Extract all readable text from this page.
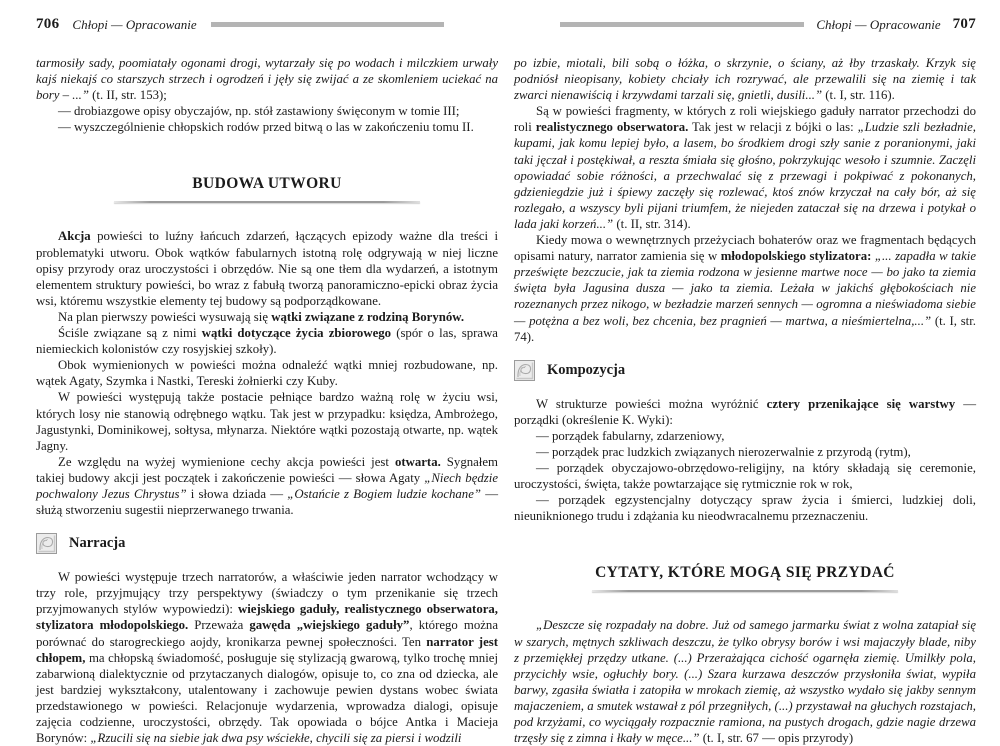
706 Chłopi — Opracowanie

tarmosiły sady, poomiatały ogonami drogi, wytarzały się po wodach i milczkiem urwały kajś niekajś co starszych strzech i ogrodzeń i jęły się zwijać a ze skomleniem uciekać na bory – ...” (t. II, str. 153);

— drobiazgowe opisy obyczajów, np. stół zastawiony święconym w tomie III;

— wyszczególnienie chłopskich rodów przed bitwą o las w zakończeniu tomu II.

BUDOWA UTWORU

Akcja powieści to luźny łańcuch zdarzeń, łączących epizody ważne dla treści i problematyki utworu. Obok wątków fabularnych istotną rolę odgrywają w niej liczne opisy przyrody oraz uroczystości i obrzędów. Nie są one tłem dla wydarzeń, a istotnym elementem struktury powieści, bo wraz z fabułą tworzą panoramiczno-epicki obraz życia wsi, któremu wszystkie elementy tej budowy są podporządkowane.

Na plan pierwszy powieści wysuwają się wątki związane z rodziną Borynów.

Ściśle związane są z nimi wątki dotyczące życia zbiorowego (spór o las, sprawa niemieckich kolonistów czy rosyjskiej szkoły).

Obok wymienionych w powieści można odnaleźć wątki mniej rozbudowane, np. wątek Agaty, Szymka i Nastki, Tereski żołnierki czy Kuby.

W powieści występują także postacie pełniące bardzo ważną rolę w życiu wsi, których losy nie stanowią odrębnego wątku. Tak jest w przypadku: księdza, Ambrożego, Jagustynki, Dominikowej, sołtysa, młynarza. Niektóre wątki pozostają otwarte, np. wątek Jagny.

Ze względu na wyżej wymienione cechy akcja powieści jest otwarta. Sygnałem takiej budowy akcji jest początek i zakończenie powieści — słowa Agaty „Niech będzie pochwalony Jezus Chrystus” i słowa dziada — „Ostańcie z Bogiem ludzie kochane” — służą stworzeniu sugestii nieprzerwanego trwania.

Narracja

W powieści występuje trzech narratorów, a właściwie jeden narrator wchodzący w trzy role, przyjmujący trzy perspektywy (świadczy o tym przenikanie się trzech przyjmowanych stylów wypowiedzi): wiejskiego gaduły, realistycznego obserwatora, stylizatora młodopolskiego. Przeważa gawęda „wiejskiego gaduły”, którego można porównać do starogreckiego aojdy, kronikarza pewnej społeczności. Ten narrator jest chłopem, ma chłopską świadomość, posługuje się stylizacją gwarową, tylko trochę mniej zabarwioną dialektycznie od przytaczanych dialogów, opisuje to, co zna od dziecka, ale jest bardziej wykształcony, utalentowany i zachowuje pewien dystans wobec świata przedstawionego w powieści. Relacjonuje wydarzenia, wprowadza dialogi, opisuje zajęcia codzienne, uroczystości, obrzędy. Tak opowiada o bójce Antka i Macieja Borynów: „Rzucili się na siebie jak dwa psy wściekłe, chycili się za piersi i wodzili

Chłopi — Opracowanie 707

po izbie, miotali, bili sobą o łóżka, o skrzynie, o ściany, aż łby trzaskały. Krzyk się podniósł nieopisany, kobiety chciały ich rozrywać, ale przewalili się na ziemię i tak zwarci nienawiścią i krzywdami tarzali się, gnietli, dusili...” (t. I, str. 116).

Są w powieści fragmenty, w których z roli wiejskiego gaduły narrator przechodzi do roli realistycznego obserwatora. Tak jest w relacji z bójki o las: „Ludzie szli bezładnie, kupami, jak komu lepiej było, a lasem, bo środkiem drogi szły sanie z poranionymi, jaki taki jęczał i postękiwał, a reszta śmiała się głośno, pokrzykując wesoło i szumnie. Zaczęli opowiadać sobie różności, a przechwalać się z przewagi i pokpiwać z pokonanych, gdzieniegdzie już i śpiewy zaczęły się rozlewać, ktoś znów krzyczał na cały bór, aż się rozlegało, a wszyscy byli pijani triumfem, że niejeden zataczał się na drzewa i potykał o lada jaki korzeń...” (t. II, str. 314).

Kiedy mowa o wewnętrznych przeżyciach bohaterów oraz we fragmentach będących opisami natury, narrator zamienia się w młodopolskiego stylizatora: „... zapadła w takie prześwięte bezczucie, jak ta ziemia rodzona w jesienne martwe noce — bo jako ta ziemia święta była Jagusina dusza — jako ta ziemia. Leżała w jakichś głębokościach nie rozeznanych przez nikogo, w bezładzie marzeń sennych — ogromna a nieświadoma siebie — potężna a bez woli, bez chcenia, bez pragnień — martwa, a nieśmiertelna,...” (t. I, str. 74).

Kompozycja

W strukturze powieści można wyróżnić cztery przenikające się warstwy — porządki (określenie K. Wyki):

— porządek fabularny, zdarzeniowy,

— porządek prac ludzkich związanych nierozerwalnie z przyrodą (rytm),

— porządek obyczajowo-obrzędowo-religijny, na który składają się ceremonie, uroczystości, święta, także powtarzające się rytmicznie rok w rok,

— porządek egzystencjalny dotyczący spraw życia i śmierci, ludzkiej doli, nieuniknionego trudu i zdążania ku nieodwracalnemu przeznaczeniu.

CYTATY, KTÓRE MOGĄ SIĘ PRZYDAĆ

„Deszcze się rozpadały na dobre. Już od samego jarmarku świat z wolna zatapiał się w szarych, mętnych szkliwach deszczu, że tylko obrysy borów i wsi majaczyły blade, niby z przemiękłej przędzy utkane. (...) Przerażająca cichość ogarnęła ziemię. Umilkły pola, przycichły wsie, ogłuchły bory. (...) Szara kurzawa deszczów przysłoniła świat, wypiła barwy, zgasiła światła i zatopiła w mrokach ziemię, aż wszystko wydało się jakby sennym majaczeniem, a smutek wstawał z pól przegniłych, (...) przystawał na głuchych rozstajach, pod krzyżami, co wyciągały rozpacznie ramiona, na pustych drogach, gdzie nagie drzewa trzęsły się z zimna i łkały w męce...” (t. I, str. 67 — opis przyrody)
